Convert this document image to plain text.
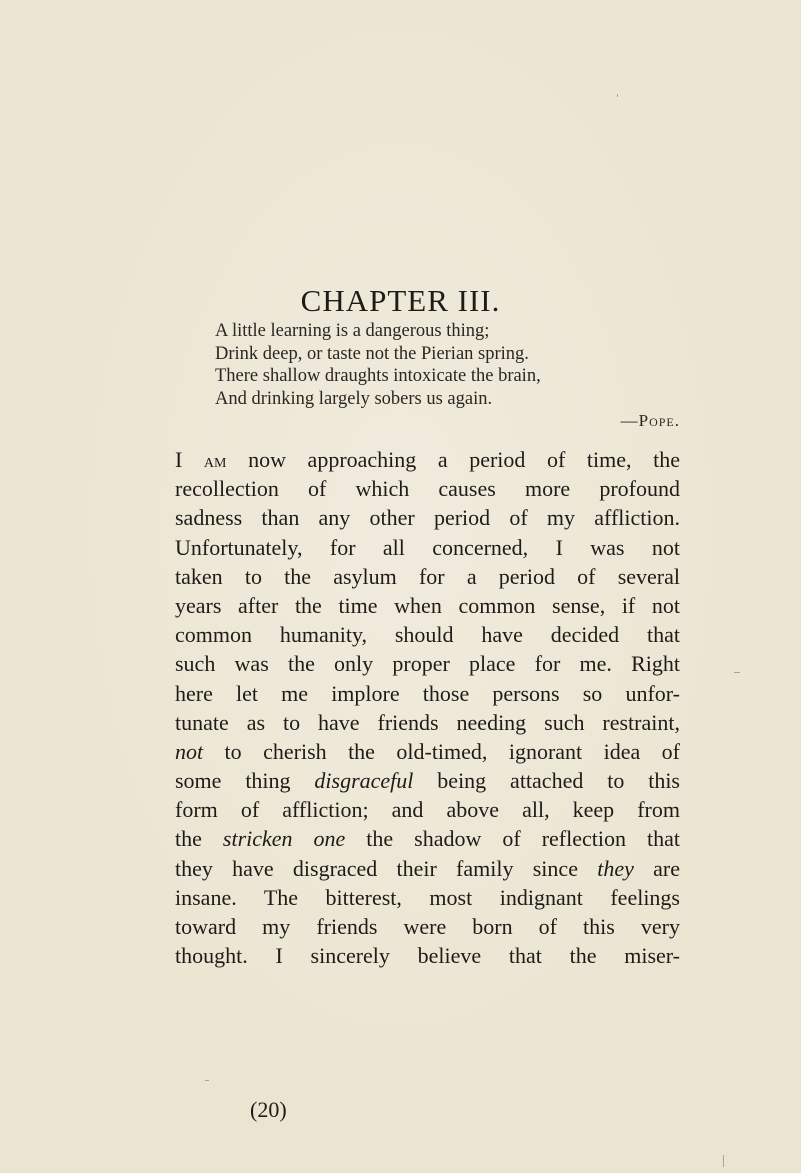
CHAPTER III.
A little learning is a dangerous thing;
Drink deep, or taste not the Pierian spring.
There shallow draughts intoxicate the brain,
And drinking largely sobers us again.
—Pope.
I am now approaching a period of time, the
recollection of which causes more profound
sadness than any other period of my affliction.
Unfortunately, for all concerned, I was not
taken to the asylum for a period of several
years after the time when common sense, if not
common humanity, should have decided that
such was the only proper place for me. Right
here let me implore those persons so unfor-
tunate as to have friends needing such restraint,
not to cherish the old-timed, ignorant idea of
some thing disgraceful being attached to this
form of affliction; and above all, keep from
the stricken one the shadow of reflection that
they have disgraced their family since they are
insane. The bitterest, most indignant feelings
toward my friends were born of this very
thought. I sincerely believe that the miser-
(20)
